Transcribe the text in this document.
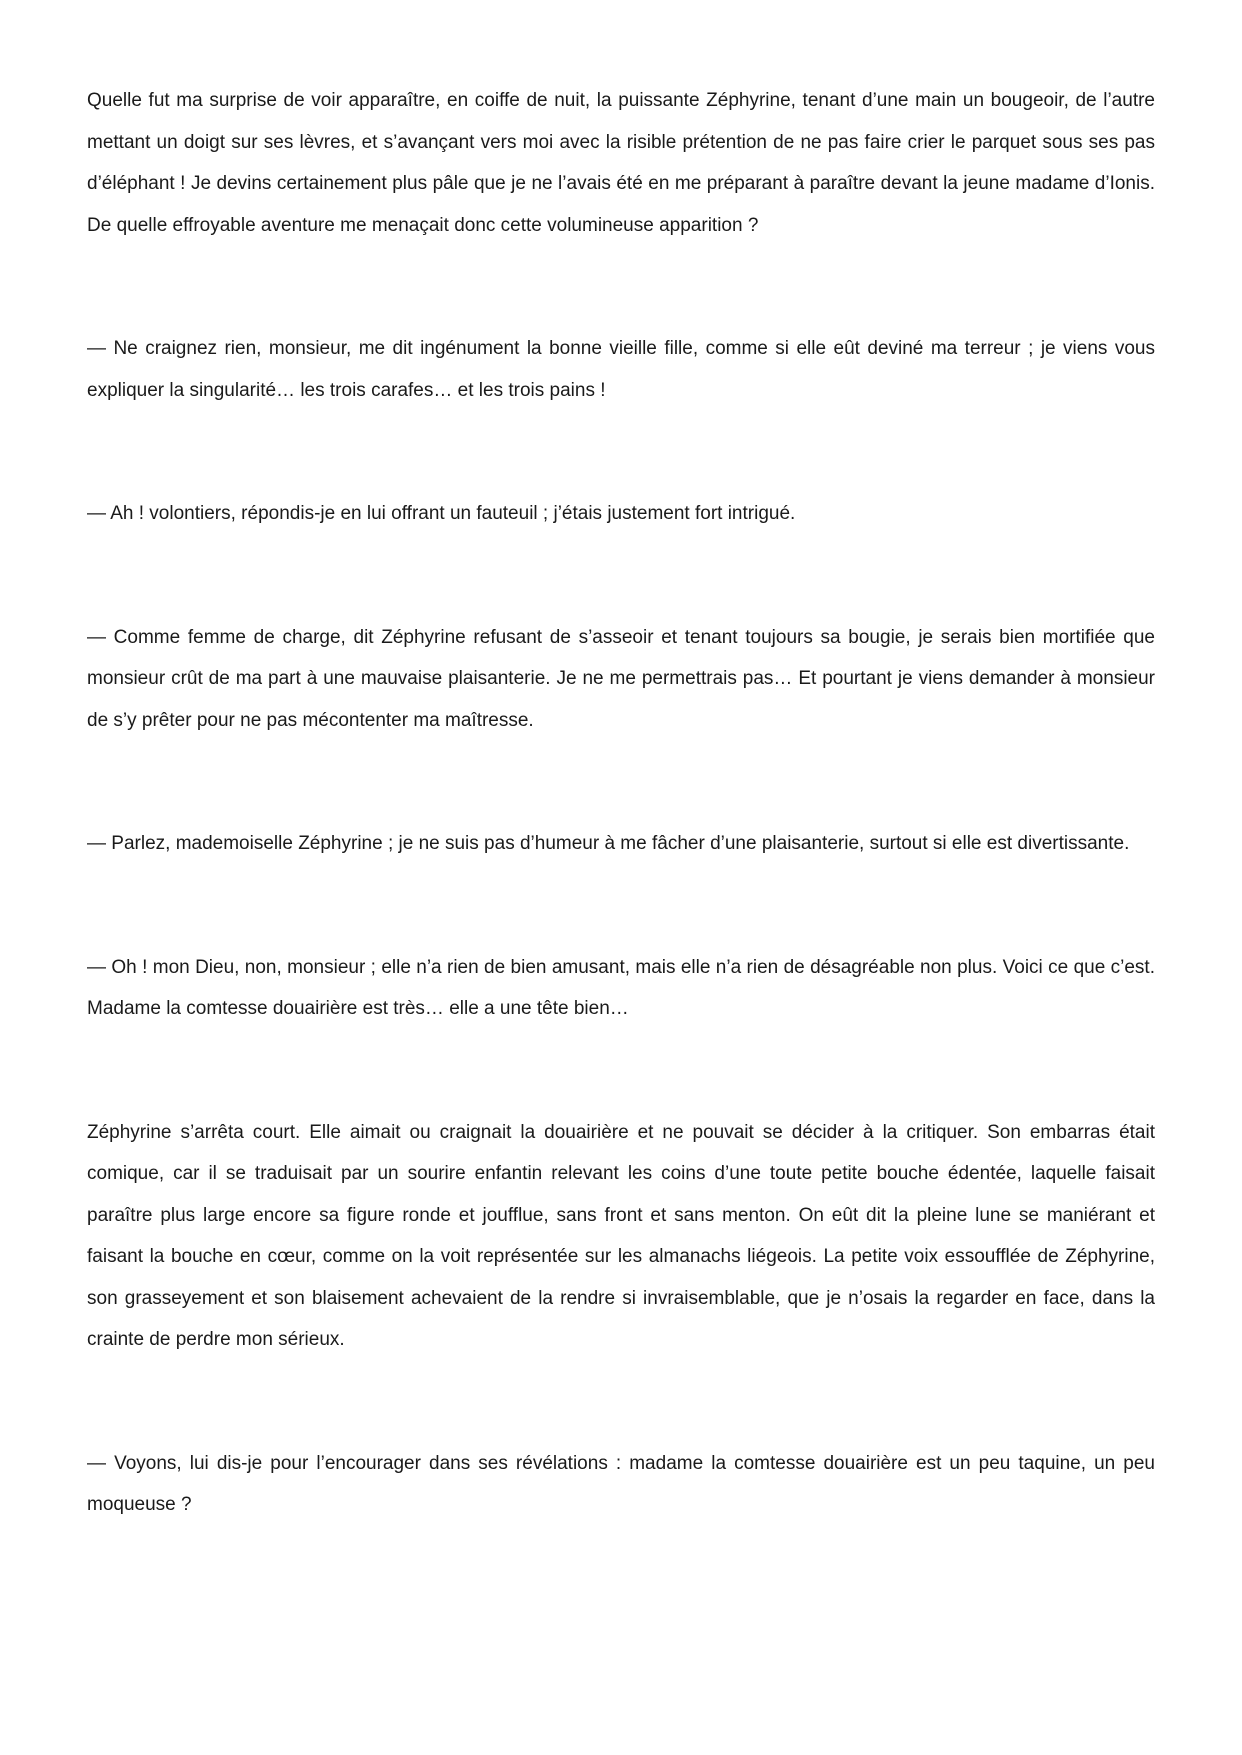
Quelle fut ma surprise de voir apparaître, en coiffe de nuit, la puissante Zéphyrine, tenant d’une main un bougeoir, de l’autre mettant un doigt sur ses lèvres, et s’avançant vers moi avec la risible prétention de ne pas faire crier le parquet sous ses pas d’éléphant ! Je devins certainement plus pâle que je ne l’avais été en me préparant à paraître devant la jeune madame d’Ionis. De quelle effroyable aventure me menaçait donc cette volumineuse apparition ?

— Ne craignez rien, monsieur, me dit ingénument la bonne vieille fille, comme si elle eût deviné ma terreur ; je viens vous expliquer la singularité… les trois carafes… et les trois pains !

— Ah ! volontiers, répondis-je en lui offrant un fauteuil ; j’étais justement fort intrigué.

— Comme femme de charge, dit Zéphyrine refusant de s’asseoir et tenant toujours sa bougie, je serais bien mortifiée que monsieur crût de ma part à une mauvaise plaisanterie. Je ne me permettrais pas… Et pourtant je viens demander à monsieur de s’y prêter pour ne pas mécontenter ma maîtresse.

— Parlez, mademoiselle Zéphyrine ; je ne suis pas d’humeur à me fâcher d’une plaisanterie, surtout si elle est divertissante.

— Oh ! mon Dieu, non, monsieur ; elle n’a rien de bien amusant, mais elle n’a rien de désagréable non plus. Voici ce que c’est. Madame la comtesse douairière est très… elle a une tête bien…

Zéphyrine s’arrêta court. Elle aimait ou craignait la douairière et ne pouvait se décider à la critiquer. Son embarras était comique, car il se traduisait par un sourire enfantin relevant les coins d’une toute petite bouche édentée, laquelle faisait paraître plus large encore sa figure ronde et joufflue, sans front et sans menton. On eût dit la pleine lune se maniérant et faisant la bouche en cœur, comme on la voit représentée sur les almanachs liégeois. La petite voix essoufflée de Zéphyrine, son grasseyement et son blaisement achevaient de la rendre si invraisemblable, que je n’osais la regarder en face, dans la crainte de perdre mon sérieux.

— Voyons, lui dis-je pour l’encourager dans ses révélations : madame la comtesse douairière est un peu taquine, un peu moqueuse ?
